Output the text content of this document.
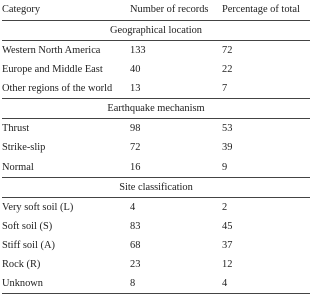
Category	Number of records	Percentage of total
Geographical location		
Western North America	133	72
Europe and Middle East	40	22
Other regions of the world	13	7
Earthquake mechanism		
Thrust	98	53
Strike-slip	72	39
Normal	16	9
Site classification		
Very soft soil (L)	4	2
Soft soil (S)	83	45
Stiff soil (A)	68	37
Rock (R)	23	12
Unknown	8	4
